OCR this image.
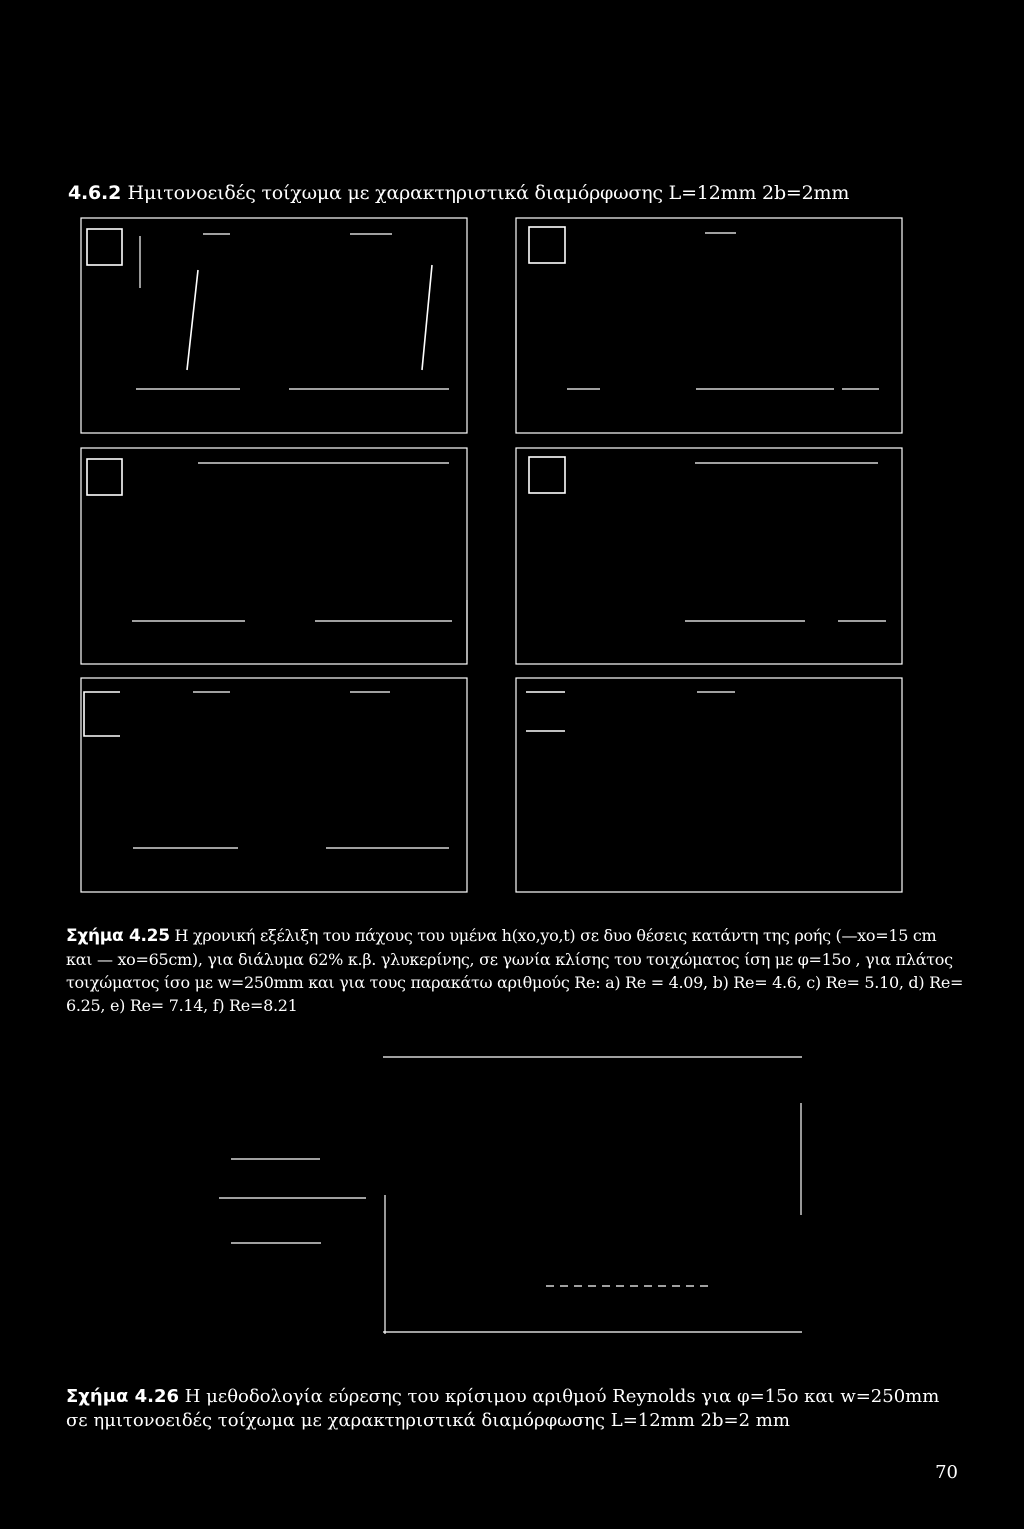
4.6.2 Ημιτονοειδές τοίχωμα με χαρακτηριστικά διαμόρφωσης L=12mm 2b=2mm
Σχήμα 4.25 Η χρονική εξέλιξη του πάχους του υμένα h(xo,yo,t) σε δυο θέσεις κατάντη της ροής (—xo=15 cm και — xo=65cm), για διάλυμα 62% κ.β. γλυκερίνης, σε γωνία κλίσης του τοιχώματος ίση με φ=15o , για πλάτος τοιχώματος ίσο με w=250mm και για τους παρακάτω αριθμούς Re: a) Re = 4.09, b) Re= 4.6, c) Re= 5.10, d) Re= 6.25, e) Re= 7.14, f) Re=8.21
Σχήμα 4.26 Η μεθοδολογία εύρεσης του κρίσιμου αριθμού Reynolds για φ=15o και w=250mm σε ημιτονοειδές τοίχωμα με χαρακτηριστικά διαμόρφωσης L=12mm 2b=2 mm
70
